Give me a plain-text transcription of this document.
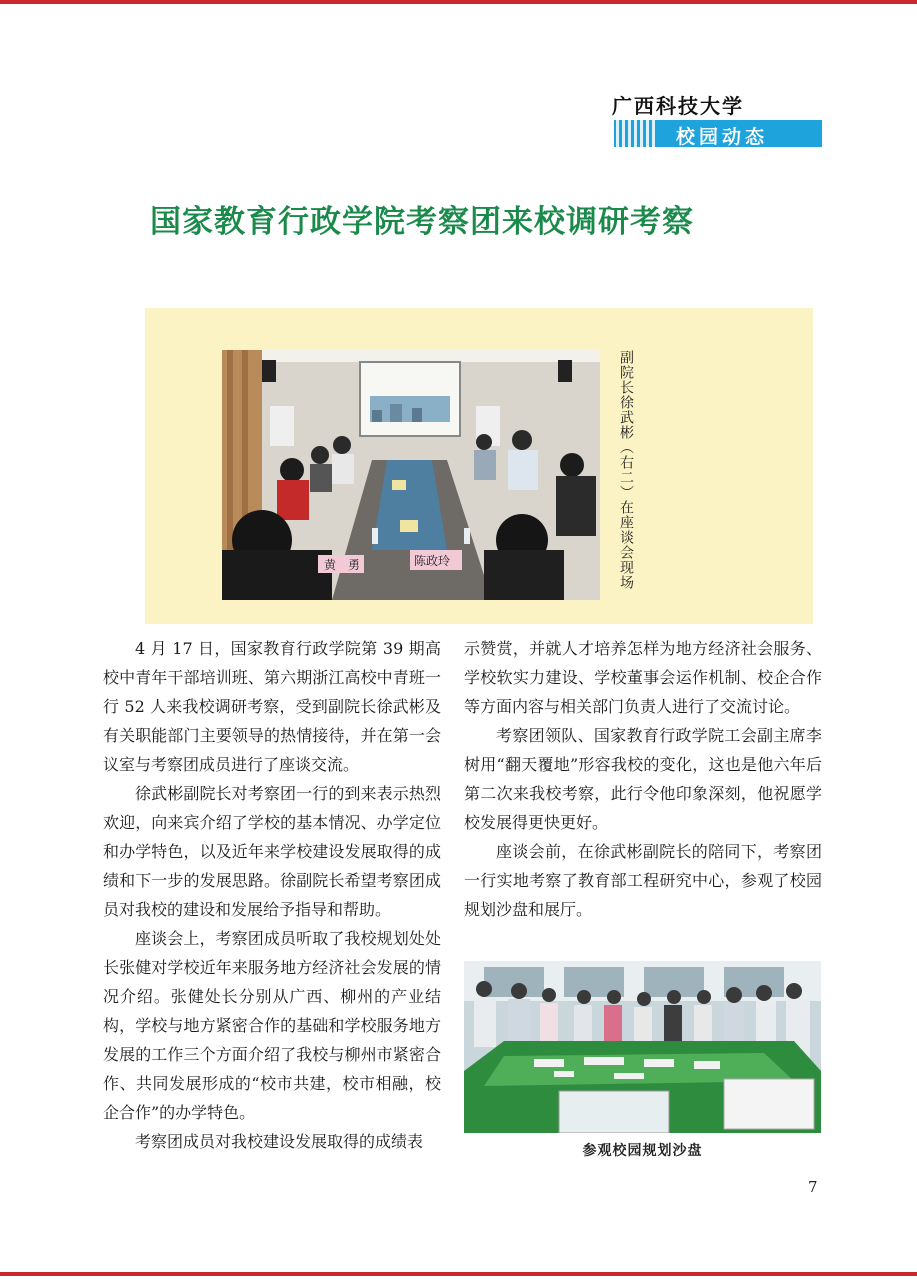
广西科技大学
校园动态
国家教育行政学院考察团来校调研考察
黄　勇	陈政玲	副院长徐武彬（右二）在座谈会现场

4 月 17 日，国家教育行政学院第 39 期高校中青年干部培训班、第六期浙江高校中青班一行 52 人来我校调研考察，受到副院长徐武彬及有关职能部门主要领导的热情接待，并在第一会议室与考察团成员进行了座谈交流。

徐武彬副院长对考察团一行的到来表示热烈欢迎，向来宾介绍了学校的基本情况、办学定位和办学特色，以及近年来学校建设发展取得的成绩和下一步的发展思路。徐副院长希望考察团成员对我校的建设和发展给予指导和帮助。

座谈会上，考察团成员听取了我校规划处处长张健对学校近年来服务地方经济社会发展的情况介绍。张健处长分别从广西、柳州的产业结构，学校与地方紧密合作的基础和学校服务地方发展的工作三个方面介绍了我校与柳州市紧密合作、共同发展形成的“校市共建，校市相融，校企合作”的办学特色。

考察团成员对我校建设发展取得的成绩表

示赞赏，并就人才培养怎样为地方经济社会服务、学校软实力建设、学校董事会运作机制、校企合作等方面内容与相关部门负责人进行了交流讨论。

考察团领队、国家教育行政学院工会副主席李树用“翻天覆地”形容我校的变化，这也是他六年后第二次来我校考察，此行令他印象深刻，他祝愿学校发展得更快更好。

座谈会前，在徐武彬副院长的陪同下，考察团一行实地考察了教育部工程研究中心，参观了校园规划沙盘和展厅。

参观校园规划沙盘
7
